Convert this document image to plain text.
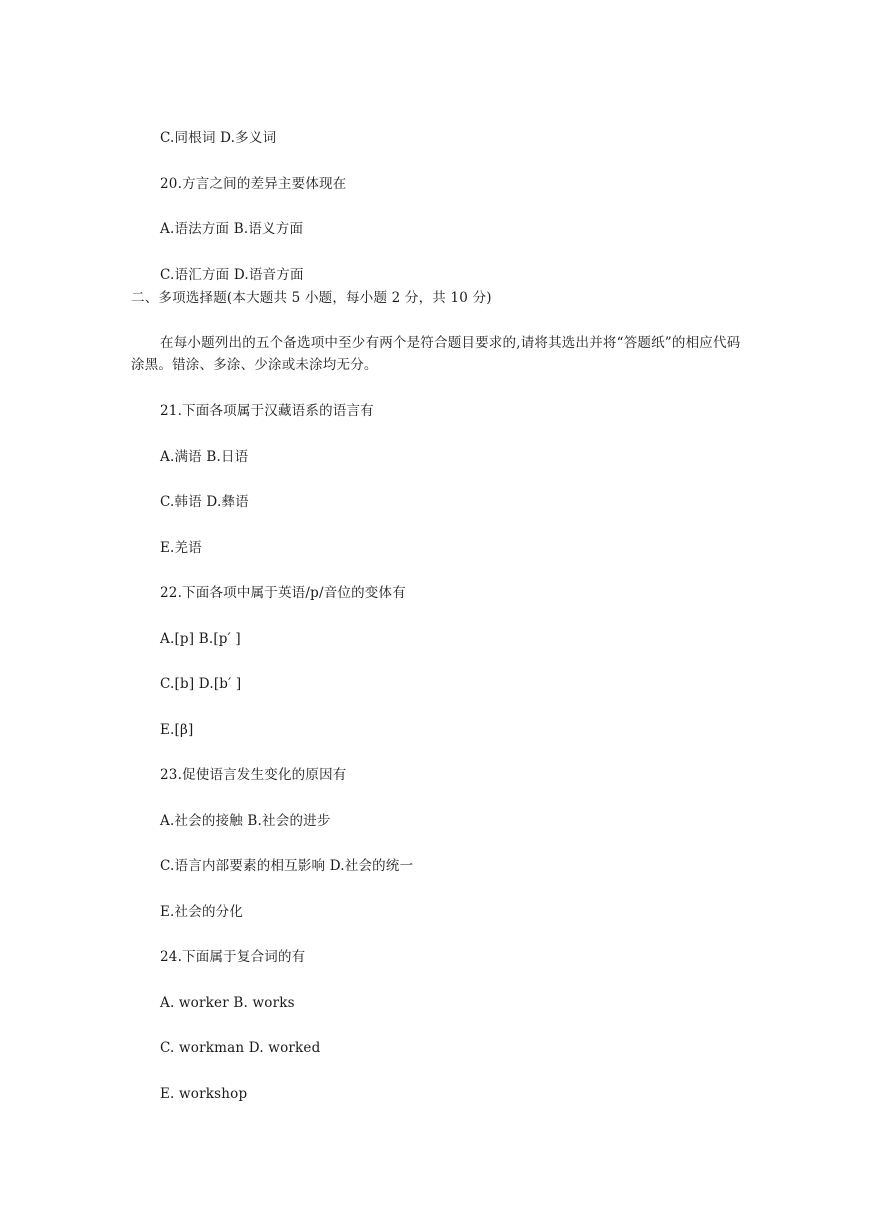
C.同根词 D.多义词
20.方言之间的差异主要体现在
A.语法方面 B.语义方面
C.语汇方面 D.语音方面
二、多项选择题(本大题共 5 小题，每小题 2 分，共 10 分)
在每小题列出的五个备选项中至少有两个是符合题目要求的,请将其选出并将“答题纸”的相应代码涂黑。错涂、多涂、少涂或未涂均无分。
21.下面各项属于汉藏语系的语言有
A.满语 B.日语
C.韩语 D.彝语
E.羌语
22.下面各项中属于英语/p/音位的变体有
A.[p] B.[p′ ]
C.[b] D.[b′ ]
E.[β]
23.促使语言发生变化的原因有
A.社会的接触 B.社会的进步
C.语言内部要素的相互影响 D.社会的统一
E.社会的分化
24.下面属于复合词的有
A. worker B. works
C. workman D. worked
E. workshop
